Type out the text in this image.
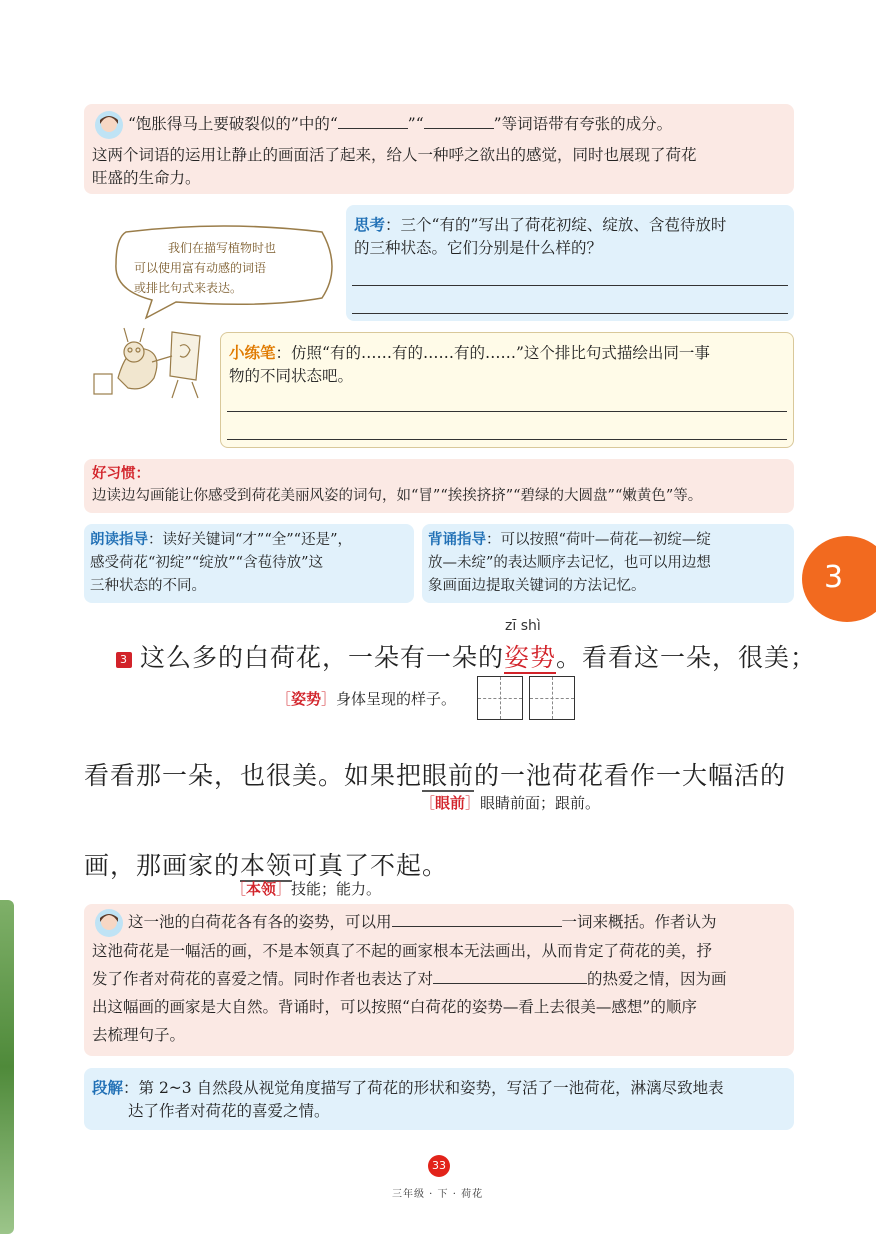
“饱胀得马上要破裂似的”中的“	”“	”等词语带有夸张的成分。
这两个词语的运用让静止的画面活了起来，给人一种呼之欲出的感觉，同时也展现了荷花
旺盛的生命力。
我们在描写植物时也
可以使用富有动感的词语
或排比句式来表达。
思考：三个“有的”写出了荷花初绽、绽放、含苞待放时
的三种状态。它们分别是什么样的？
小练笔：仿照“有的……有的……有的……”这个排比句式描绘出同一事
物的不同状态吧。
好习惯：
边读边勾画能让你感受到荷花美丽风姿的词句，如“冒”“挨挨挤挤”“碧绿的大圆盘”“嫩黄色”等。
朗读指导：读好关键词“才”“全”“还是”，
感受荷花“初绽”“绽放”“含苞待放”这
三种状态的不同。
背诵指导：可以按照“荷叶—荷花—初绽—绽
放—未绽”的表达顺序去记忆，也可以用边想
象画面边提取关键词的方法记忆。	3
zī shì
3 这么多的白荷花，一朵有一朵的姿势。看看这一朵，很美；
［姿势］身体呈现的样子。
看看那一朵，也很美。如果把眼前的一池荷花看作一大幅活的
［眼前］眼睛前面；跟前。
画，那画家的本领可真了不起。
［本领］技能；能力。
这一池的白荷花各有各的姿势，可以用	一词来概括。作者认为
这池荷花是一幅活的画，不是本领真了不起的画家根本无法画出，从而肯定了荷花的美，抒
发了作者对荷花的喜爱之情。同时作者也表达了对	的热爱之情，因为画
出这幅画的画家是大自然。背诵时，可以按照“白荷花的姿势—看上去很美—感想”的顺序
去梳理句子。
段解：第 2~3 自然段从视觉角度描写了荷花的形状和姿势，写活了一池荷花，淋漓尽致地表
达了作者对荷花的喜爱之情。
33
三年级 · 下 · 荷花
